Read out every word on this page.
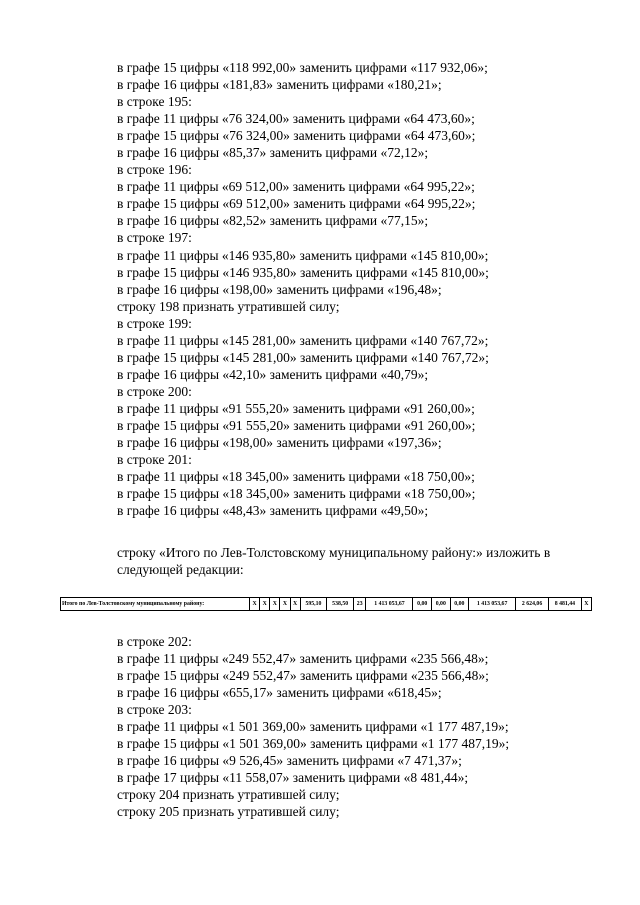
в графе 15 цифры «118 992,00» заменить цифрами «117 932,06»;
в графе 16 цифры «181,83» заменить цифрами «180,21»;
в строке 195:
в графе 11 цифры «76 324,00» заменить цифрами «64 473,60»;
в графе 15 цифры «76 324,00» заменить цифрами «64 473,60»;
в графе 16 цифры «85,37» заменить цифрами «72,12»;
в строке 196:
в графе 11 цифры «69 512,00» заменить цифрами «64 995,22»;
в графе 15 цифры «69 512,00» заменить цифрами «64 995,22»;
в графе 16 цифры «82,52» заменить цифрами «77,15»;
в строке 197:
в графе 11 цифры «146 935,80» заменить цифрами «145 810,00»;
в графе 15 цифры «146 935,80» заменить цифрами «145 810,00»;
в графе 16 цифры «198,00» заменить цифрами «196,48»;
строку 198 признать утратившей силу;
в строке 199:
в графе 11 цифры «145 281,00» заменить цифрами «140 767,72»;
в графе 15 цифры «145 281,00» заменить цифрами «140 767,72»;
в графе 16 цифры «42,10» заменить цифрами «40,79»;
в строке 200:
в графе 11 цифры «91 555,20» заменить цифрами «91 260,00»;
в графе 15 цифры «91 555,20» заменить цифрами «91 260,00»;
в графе 16 цифры «198,00» заменить цифрами «197,36»;
в строке 201:
в графе 11 цифры «18 345,00» заменить цифрами «18 750,00»;
в графе 15 цифры «18 345,00» заменить цифрами «18 750,00»;
в графе 16 цифры «48,43» заменить цифрами «49,50»;
строку «Итого по Лев-Толстовскому муниципальному району:» изложить в следующей редакции:
Итого по Лев-Толстовскому муниципальному району:	X	X	X	X	X	595,10	538,50	23	1 413 053,67	0,00	0,00	0,00	1 413 053,67	2 624,06	8 481,44	X
в строке 202:
в графе 11 цифры «249 552,47» заменить цифрами «235 566,48»;
в графе 15 цифры «249 552,47» заменить цифрами «235 566,48»;
в графе 16 цифры «655,17» заменить цифрами «618,45»;
в строке 203:
в графе 11 цифры «1 501 369,00» заменить цифрами «1 177 487,19»;
в графе 15 цифры «1 501 369,00» заменить цифрами «1 177 487,19»;
в графе 16 цифры «9 526,45» заменить цифрами «7 471,37»;
в графе 17 цифры «11 558,07» заменить цифрами «8 481,44»;
строку 204 признать утратившей силу;
строку 205 признать утратившей силу;
